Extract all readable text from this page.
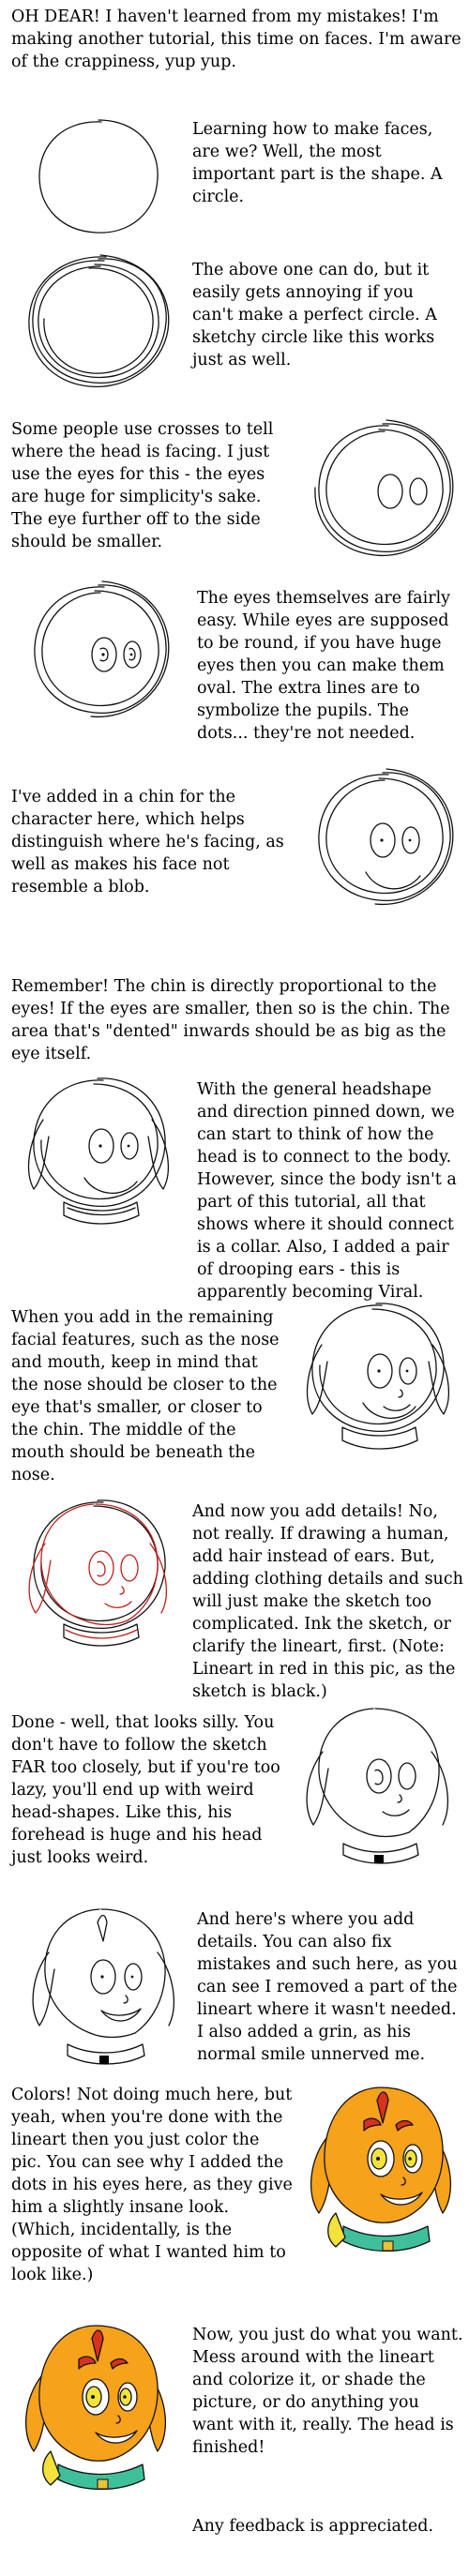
OH DEAR! I haven't learned from my mistakes! I'm making another tutorial, this time on faces. I'm aware of the crappiness, yup yup.

Learning how to make faces, are we? Well, the most important part is the shape. A circle.

The above one can do, but it easily gets annoying if you can't make a perfect circle. A sketchy circle like this works just as well.

Some people use crosses to tell where the head is facing. I just use the eyes for this - the eyes are huge for simplicity's sake. The eye further off to the side should be smaller.

The eyes themselves are fairly easy. While eyes are supposed to be round, if you have huge eyes then you can make them oval. The extra lines are to symbolize the pupils. The dots... they're not needed.

I've added in a chin for the character here, which helps distinguish where he's facing, as well as makes his face not resemble a blob.

Remember! The chin is directly proportional to the eyes! If the eyes are smaller, then so is the chin. The area that's "dented" inwards should be as big as the eye itself.

With the general headshape and direction pinned down, we can start to think of how the head is to connect to the body. However, since the body isn't a part of this tutorial, all that shows where it should connect is a collar. Also, I added a pair of drooping ears - this is apparently becoming Viral.

When you add in the remaining facial features, such as the nose and mouth, keep in mind that the nose should be closer to the eye that's smaller, or closer to the chin. The middle of the mouth should be beneath the nose.

And now you add details! No, not really. If drawing a human, add hair instead of ears. But, adding clothing details and such will just make the sketch too complicated. Ink the sketch, or clarify the lineart, first. (Note: Lineart in red in this pic, as the sketch is black.)

Done - well, that looks silly. You don't have to follow the sketch FAR too closely, but if you're too lazy, you'll end up with weird head-shapes. Like this, his forehead is huge and his head just looks weird.

And here's where you add details. You can also fix mistakes and such here, as you can see I removed a part of the lineart where it wasn't needed. I also added a grin, as his normal smile unnerved me.

Colors! Not doing much here, but yeah, when you're done with the lineart then you just color the pic. You can see why I added the dots in his eyes here, as they give him a slightly insane look. (Which, incidentally, is the opposite of what I wanted him to look like.)

Now, you just do what you want. Mess around with the lineart and colorize it, or shade the picture, or do anything you want with it, really. The head is finished!

Any feedback is appreciated.
